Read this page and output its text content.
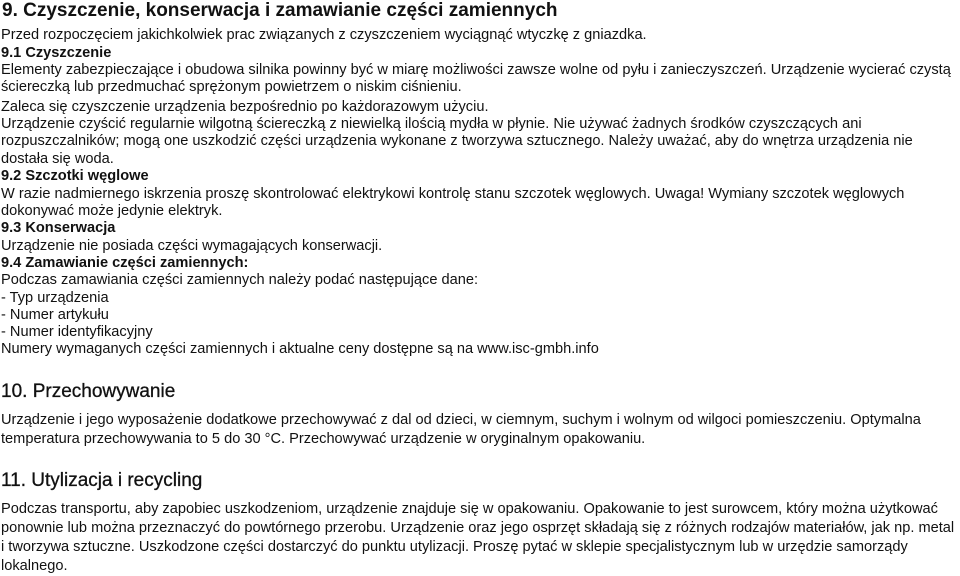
9. Czyszczenie, konserwacja i zamawianie części zamiennych
Przed rozpoczęciem jakichkolwiek prac związanych z czyszczeniem wyciągnąć wtyczkę z gniazdka.
9.1 Czyszczenie
Elementy zabezpieczające i obudowa silnika powinny być w miarę możliwości zawsze wolne od pyłu i zanieczyszczeń. Urządzenie wycierać czystą ściereczką lub przedmuchać sprężonym powietrzem o niskim ciśnieniu.
Zaleca się czyszczenie urządzenia bezpośrednio po każdorazowym użyciu.
Urządzenie czyścić regularnie wilgotną ściereczką z niewielką ilością mydła w płynie. Nie używać żadnych środków czyszczących ani rozpuszczalników; mogą one uszkodzić części urządzenia wykonane z tworzywa sztucznego. Należy uważać, aby do wnętrza urządzenia nie dostała się woda.
9.2 Szczotki węglowe
W razie nadmiernego iskrzenia proszę skontrolować elektrykowi kontrolę stanu szczotek węglowych. Uwaga! Wymiany szczotek węglowych dokonywać może jedynie elektryk.
9.3 Konserwacja
Urządzenie nie posiada części wymagających konserwacji.
9.4 Zamawianie części zamiennych:
Podczas zamawiania części zamiennych należy podać następujące dane:
- Typ urządzenia
- Numer artykułu
- Numer identyfikacyjny
Numery wymaganych części zamiennych i aktualne ceny dostępne są na www.isc-gmbh.info
10. Przechowywanie
Urządzenie i jego wyposażenie dodatkowe przechowywać z dal od dzieci, w ciemnym, suchym i wolnym od wilgoci pomieszczeniu. Optymalna temperatura przechowywania to 5 do 30 °C. Przechowywać urządzenie w oryginalnym opakowaniu.
11. Utylizacja i recycling
Podczas transportu, aby zapobiec uszkodzeniom, urządzenie znajduje się w opakowaniu. Opakowanie to jest surowcem, który można użytkować ponownie lub można przeznaczyć do powtórnego przerobu. Urządzenie oraz jego osprzęt składają się z różnych rodzajów materiałów, jak np. metal i tworzywa sztuczne. Uszkodzone części dostarczyć do punktu utylizacji. Proszę pytać w sklepie specjalistycznym lub w urzędzie samorządy lokalnego.
